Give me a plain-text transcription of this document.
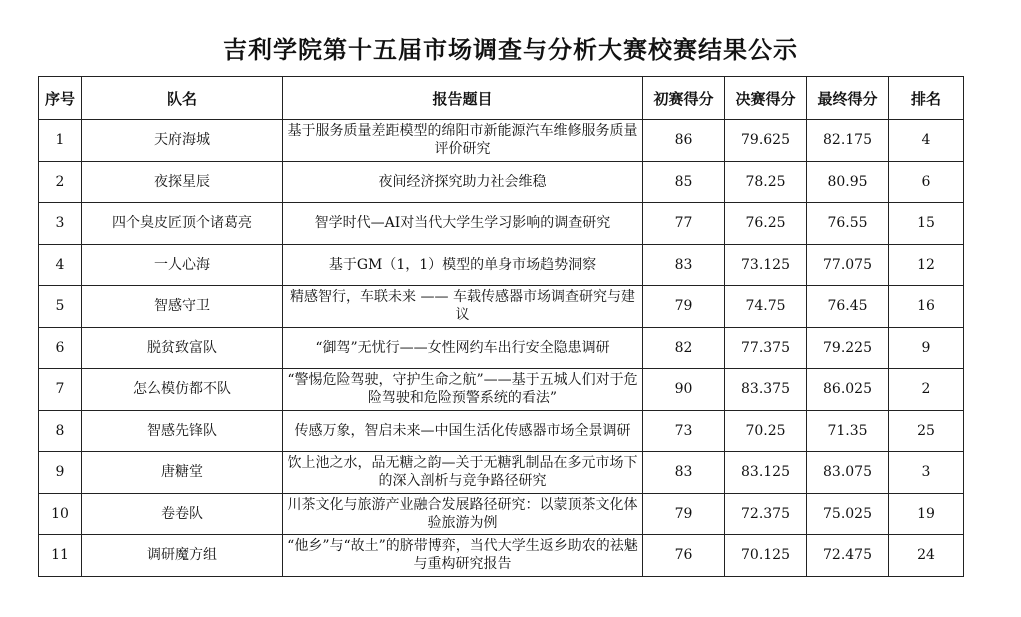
吉利学院第十五届市场调查与分析大赛校赛结果公示
序号	队名	报告题目	初赛得分	决赛得分	最终得分	排名
1	天府海城	基于服务质量差距模型的绵阳市新能源汽车维修服务质量评价研究	86	79.625	82.175	4
2	夜探星辰	夜间经济探究助力社会维稳	85	78.25	80.95	6
3	四个臭皮匠顶个诸葛亮	智学时代—AI对当代大学生学习影响的调查研究	77	76.25	76.55	15
4	一人心海	基于GM（1，1）模型的单身市场趋势洞察	83	73.125	77.075	12
5	智感守卫	精感智行，车联未来 —— 车载传感器市场调查研究与建议	79	74.75	76.45	16
6	脱贫致富队	“御驾”无忧行——女性网约车出行安全隐患调研	82	77.375	79.225	9
7	怎么模仿都不队	“警惕危险驾驶，守护生命之航”——基于五城人们对于危险驾驶和危险预警系统的看法”	90	83.375	86.025	2
8	智感先锋队	传感万象，智启未来—中国生活化传感器市场全景调研	73	70.25	71.35	25
9	唐糖堂	饮上池之水，品无糖之韵—关于无糖乳制品在多元市场下的深入剖析与竞争路径研究	83	83.125	83.075	3
10	卷卷队	川茶文化与旅游产业融合发展路径研究：以蒙顶茶文化体验旅游为例	79	72.375	75.025	19
11	调研魔方组	“他乡”与“故土”的脐带博弈，当代大学生返乡助农的祛魅与重构研究报告	76	70.125	72.475	24
